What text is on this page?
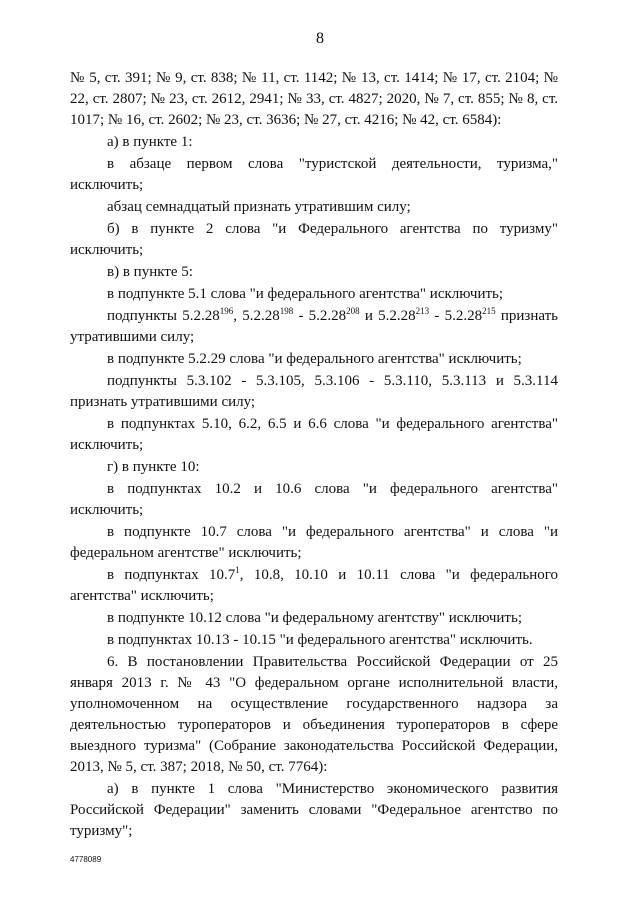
8

№ 5, ст. 391; № 9, ст. 838; № 11, ст. 1142; № 13, ст. 1414; № 17, ст. 2104; № 22, ст. 2807; № 23, ст. 2612, 2941; № 33, ст. 4827; 2020, № 7, ст. 855; № 8, ст. 1017; № 16, ст. 2602; № 23, ст. 3636; № 27, ст. 4216; № 42, ст. 6584):

а) в пункте 1:

в абзаце первом слова "туристской деятельности, туризма," исключить;

абзац семнадцатый признать утратившим силу;

б) в пункте 2 слова "и Федерального агентства по туризму" исключить;

в) в пункте 5:

в подпункте 5.1 слова "и федерального агентства" исключить;

подпункты 5.2.28$^{196}$, 5.2.28$^{198}$ - 5.2.28$^{208}$ и 5.2.28$^{213}$ - 5.2.28$^{215}$ признать утратившими силу;

в подпункте 5.2.29 слова "и федерального агентства" исключить;

подпункты 5.3.102 - 5.3.105, 5.3.106 - 5.3.110, 5.3.113 и 5.3.114 признать утратившими силу;

в подпунктах 5.10, 6.2, 6.5 и 6.6 слова "и федерального агентства" исключить;

г) в пункте 10:

в подпунктах 10.2 и 10.6 слова "и федерального агентства" исключить;

в подпункте 10.7 слова "и федерального агентства" и слова "и федеральном агентстве" исключить;

в подпунктах 10.7$^1$, 10.8, 10.10 и 10.11 слова "и федерального агентства" исключить;

в подпункте 10.12 слова "и федеральному агентству" исключить;

в подпунктах 10.13 - 10.15 "и федерального агентства" исключить.

6. В постановлении Правительства Российской Федерации от 25 января 2013 г. № 43 "О федеральном органе исполнительной власти, уполномоченном на осуществление государственного надзора за деятельностью туроператоров и объединения туроператоров в сфере выездного туризма" (Собрание законодательства Российской Федерации, 2013, № 5, ст. 387; 2018, № 50, ст. 7764):

а) в пункте 1 слова "Министерство экономического развития Российской Федерации" заменить словами "Федеральное агентство по туризму";

4778089
